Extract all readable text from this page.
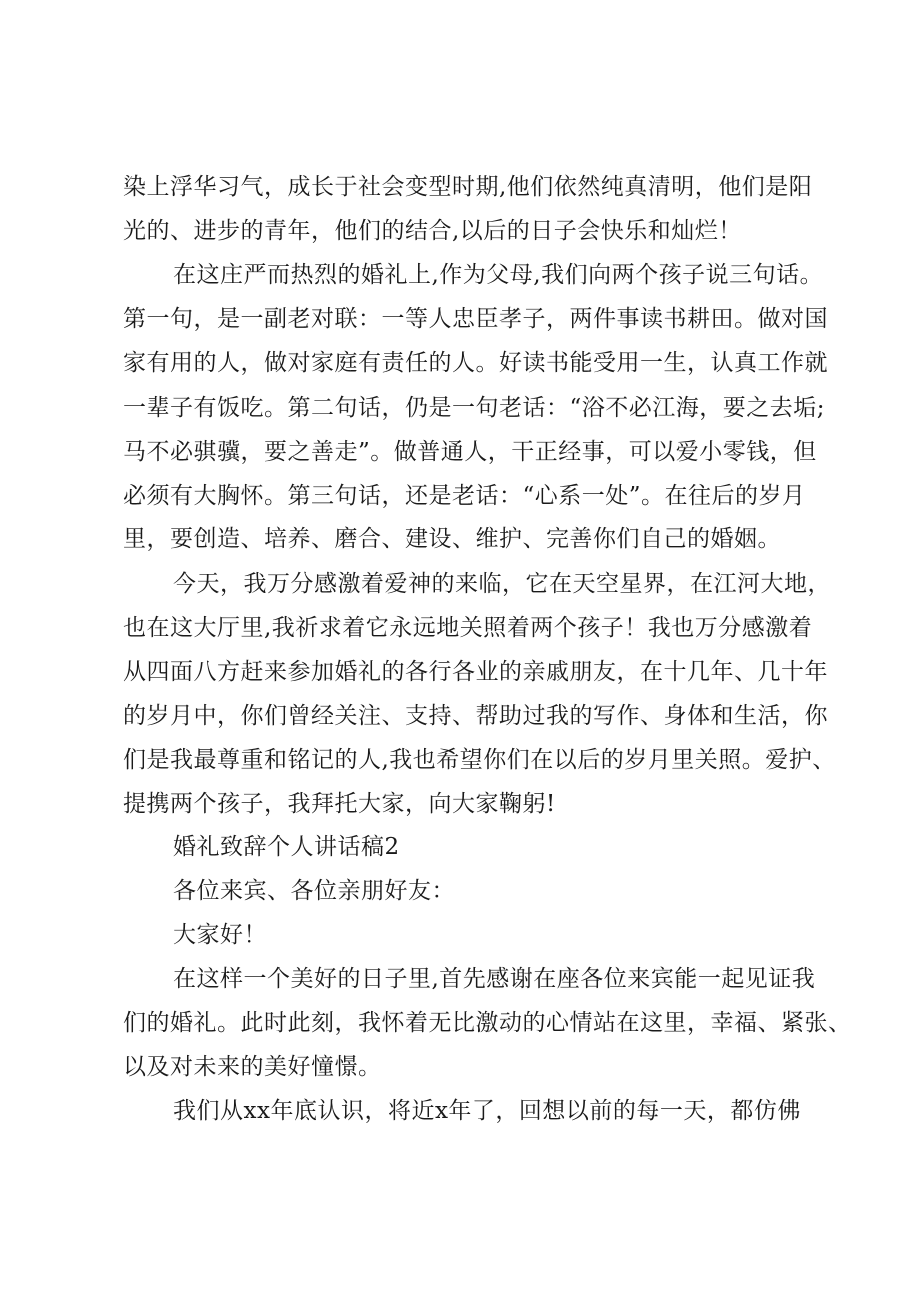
染上浮华习气，成长于社会变型时期,他们依然纯真清明，他们是阳
光的、进步的青年，他们的结合,以后的日子会快乐和灿烂！
在这庄严而热烈的婚礼上,作为父母,我们向两个孩子说三句话。
第一句，是一副老对联：一等人忠臣孝子，两件事读书耕田。做对国
家有用的人，做对家庭有责任的人。好读书能受用一生，认真工作就
一辈子有饭吃。第二句话，仍是一句老话：“浴不必江海，要之去垢;
马不必骐骥，要之善走”。做普通人，干正经事，可以爱小零钱，但
必须有大胸怀。第三句话，还是老话：“心系一处”。在往后的岁月
里，要创造、培养、磨合、建设、维护、完善你们自己的婚姻。
今天，我万分感激着爱神的来临，它在天空星界，在江河大地，
也在这大厅里,我祈求着它永远地关照着两个孩子！我也万分感激着
从四面八方赶来参加婚礼的各行各业的亲戚朋友，在十几年、几十年
的岁月中，你们曾经关注、支持、帮助过我的写作、身体和生活，你
们是我最尊重和铭记的人,我也希望你们在以后的岁月里关照。爱护、
提携两个孩子，我拜托大家，向大家鞠躬!
婚礼致辞个人讲话稿2
各位来宾、各位亲朋好友：
大家好！
在这样一个美好的日子里,首先感谢在座各位来宾能一起见证我
们的婚礼。此时此刻，我怀着无比激动的心情站在这里，幸福、紧张、
以及对未来的美好憧憬。
我们从xx年底认识，将近x年了，回想以前的每一天，都仿佛
